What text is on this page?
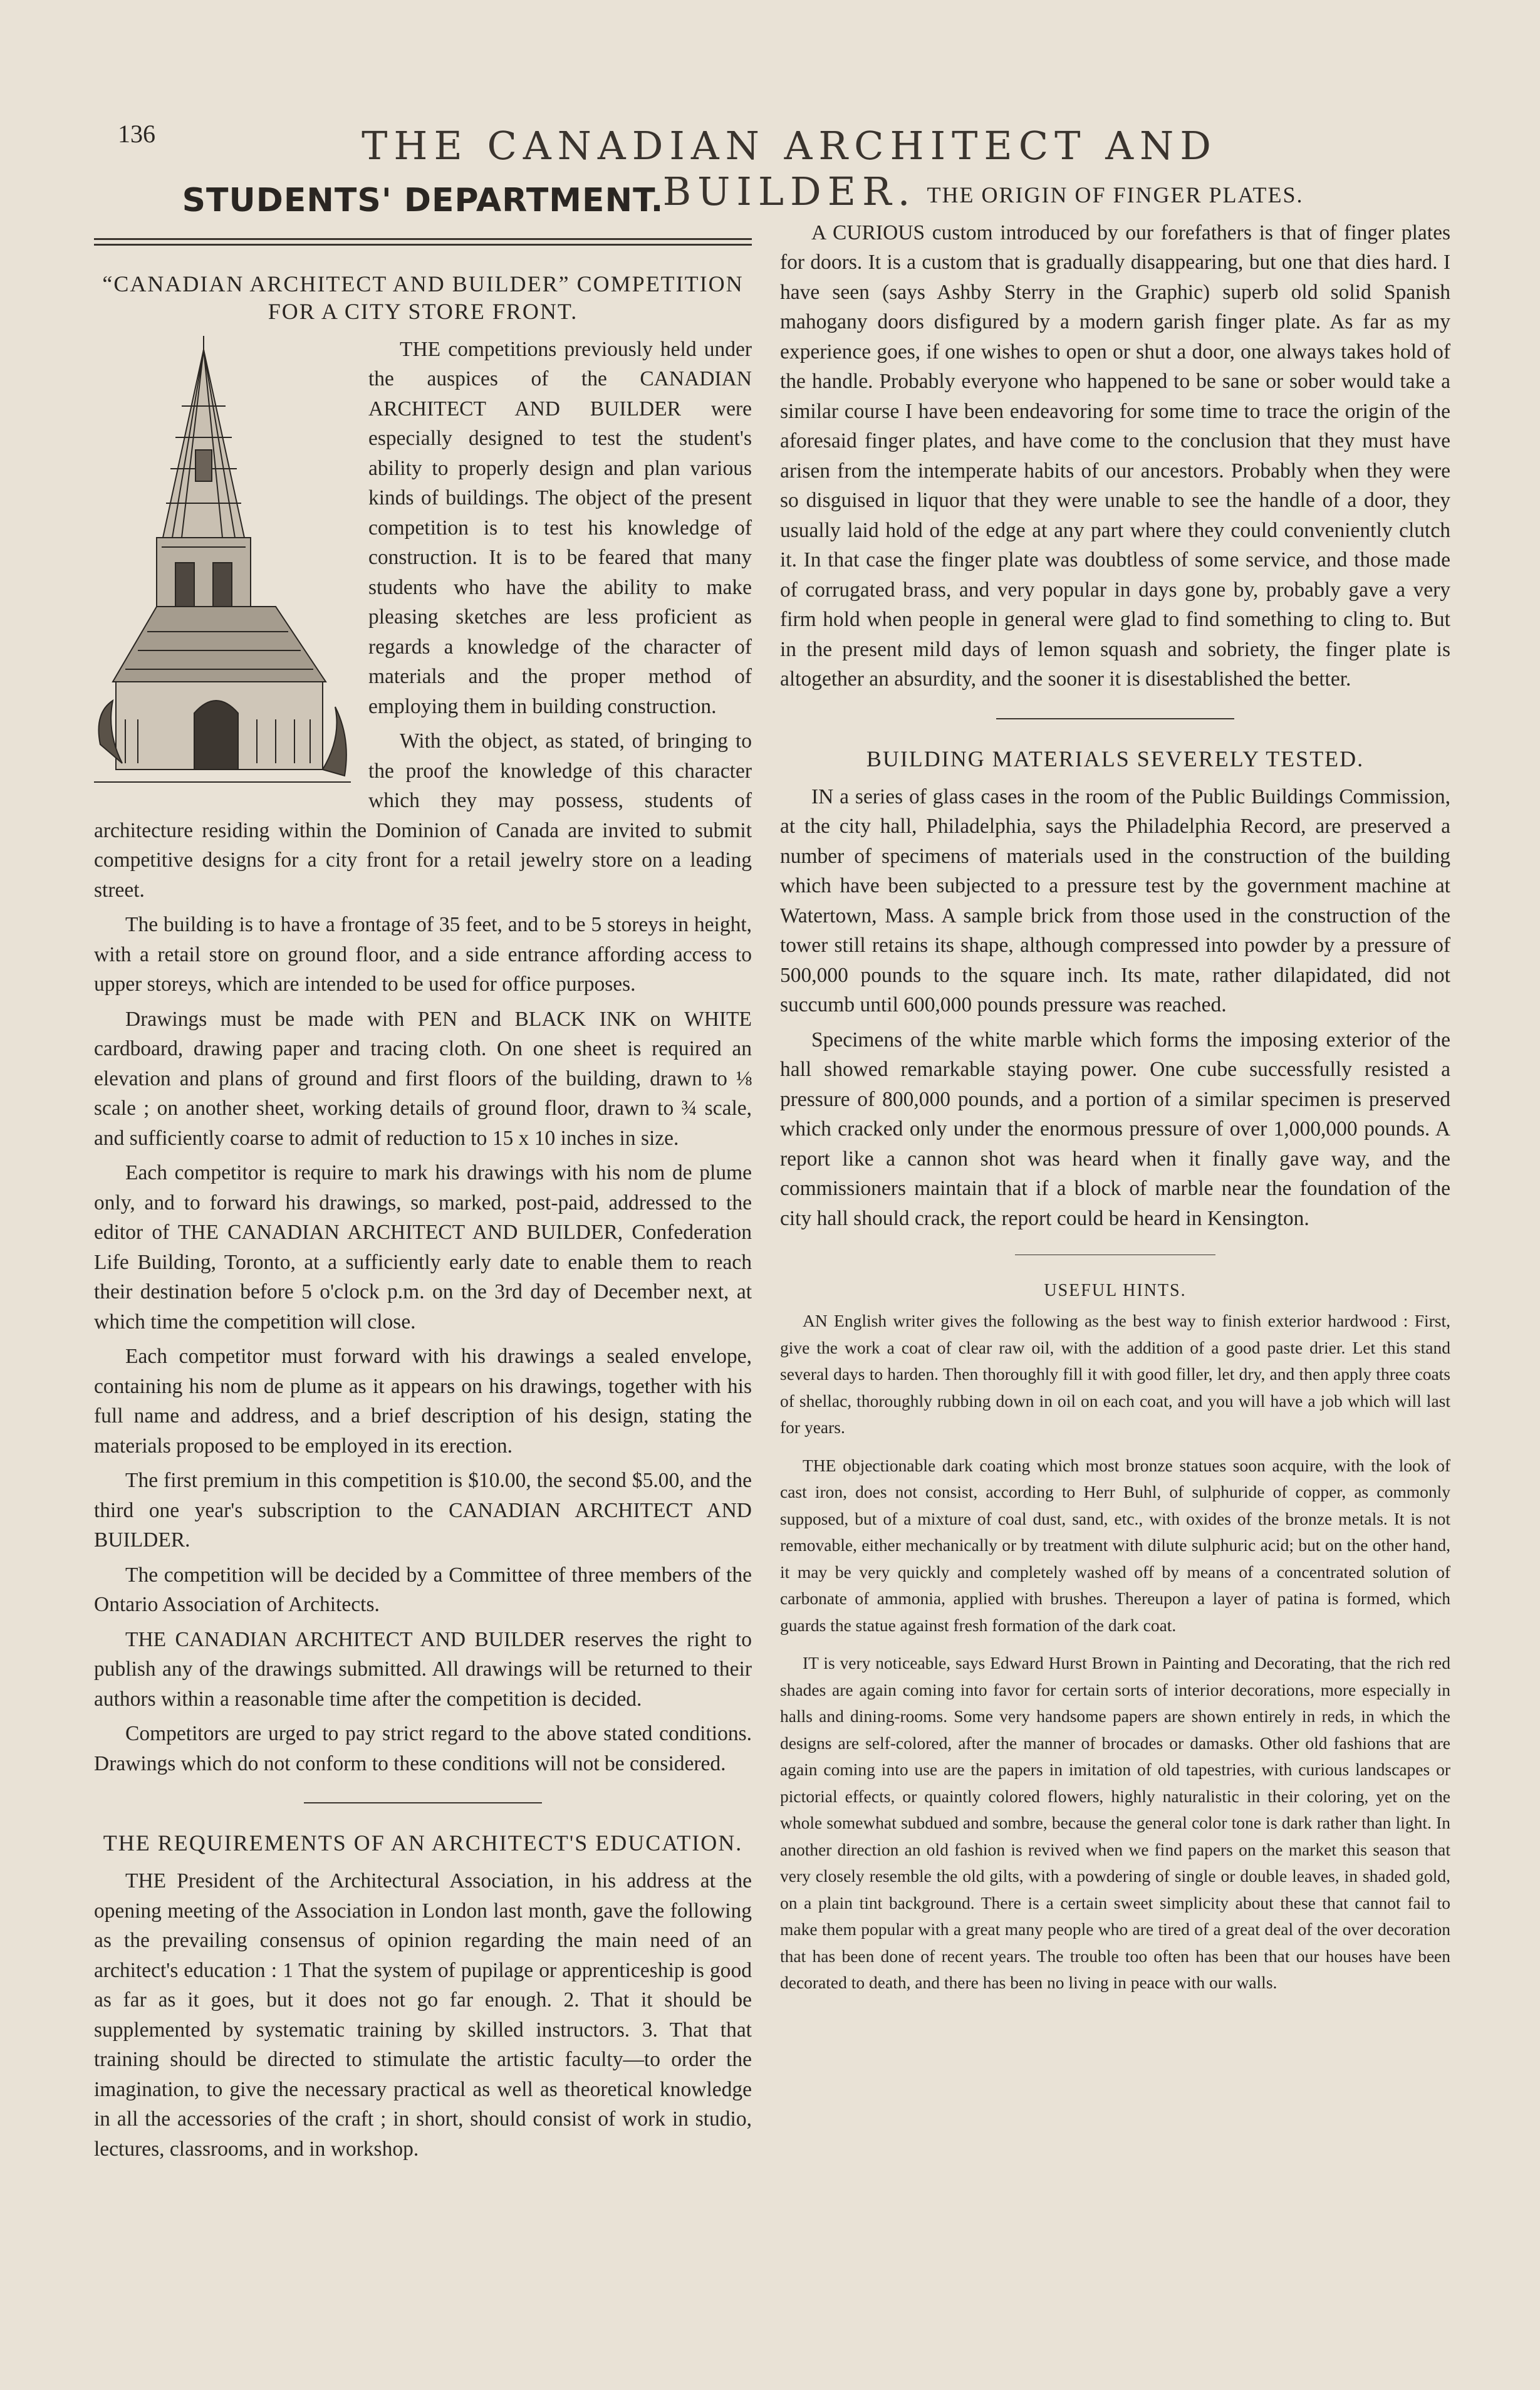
136	THE CANADIAN ARCHITECT AND BUILDER.
STUDENTS' DEPARTMENT.
“CANADIAN ARCHITECT AND BUILDER” COMPETITION FOR A CITY STORE FRONT.

THE competitions previously held under the auspices of the CANADIAN ARCHITECT AND BUILDER were especially designed to test the student's ability to properly design and plan various kinds of buildings. The object of the present competition is to test his knowledge of construction. It is to be feared that many students who have the ability to make pleasing sketches are less proficient as regards a knowledge of the character of materials and the proper method of employing them in building construction.

With the object, as stated, of bringing to the proof the knowledge of this character which they may possess, students of architecture residing within the Dominion of Canada are invited to submit competitive designs for a city front for a retail jewelry store on a leading street.

The building is to have a frontage of 35 feet, and to be 5 storeys in height, with a retail store on ground floor, and a side entrance affording access to upper storeys, which are intended to be used for office purposes.

Drawings must be made with PEN and BLACK INK on WHITE cardboard, drawing paper and tracing cloth. On one sheet is required an elevation and plans of ground and first floors of the building, drawn to ⅛ scale ; on another sheet, working details of ground floor, drawn to ¾ scale, and sufficiently coarse to admit of reduction to 15 x 10 inches in size.

Each competitor is require to mark his drawings with his nom de plume only, and to forward his drawings, so marked, post-paid, addressed to the editor of THE CANADIAN ARCHITECT AND BUILDER, Confederation Life Building, Toronto, at a sufficiently early date to enable them to reach their destination before 5 o'clock p.m. on the 3rd day of December next, at which time the competition will close.

Each competitor must forward with his drawings a sealed envelope, containing his nom de plume as it appears on his drawings, together with his full name and address, and a brief description of his design, stating the materials proposed to be employed in its erection.

The first premium in this competition is $10.00, the second $5.00, and the third one year's subscription to the CANADIAN ARCHITECT AND BUILDER.

The competition will be decided by a Committee of three members of the Ontario Association of Architects.

THE CANADIAN ARCHITECT AND BUILDER reserves the right to publish any of the drawings submitted. All drawings will be returned to their authors within a reasonable time after the competition is decided.

Competitors are urged to pay strict regard to the above stated conditions. Drawings which do not conform to these conditions will not be considered.

THE REQUIREMENTS OF AN ARCHITECT'S EDUCATION.

THE President of the Architectural Association, in his address at the opening meeting of the Association in London last month, gave the following as the prevailing consensus of opinion regarding the main need of an architect's education : 1 That the system of pupilage or apprenticeship is good as far as it goes, but it does not go far enough. 2. That it should be supplemented by systematic training by skilled instructors. 3. That that training should be directed to stimulate the artistic faculty—to order the imagination, to give the necessary practical as well as theoretical knowledge in all the accessories of the craft ; in short, should consist of work in studio, lectures, classrooms, and in workshop.

THE ORIGIN OF FINGER PLATES.

A CURIOUS custom introduced by our forefathers is that of finger plates for doors. It is a custom that is gradually disappearing, but one that dies hard. I have seen (says Ashby Sterry in the Graphic) superb old solid Spanish mahogany doors disfigured by a modern garish finger plate. As far as my experience goes, if one wishes to open or shut a door, one always takes hold of the handle. Probably everyone who happened to be sane or sober would take a similar course I have been endeavoring for some time to trace the origin of the aforesaid finger plates, and have come to the conclusion that they must have arisen from the intemperate habits of our ancestors. Probably when they were so disguised in liquor that they were unable to see the handle of a door, they usually laid hold of the edge at any part where they could conveniently clutch it. In that case the finger plate was doubtless of some service, and those made of corrugated brass, and very popular in days gone by, probably gave a very firm hold when people in general were glad to find something to cling to. But in the present mild days of lemon squash and sobriety, the finger plate is altogether an absurdity, and the sooner it is disestablished the better.

BUILDING MATERIALS SEVERELY TESTED.

IN a series of glass cases in the room of the Public Buildings Commission, at the city hall, Philadelphia, says the Philadelphia Record, are preserved a number of specimens of materials used in the construction of the building which have been subjected to a pressure test by the government machine at Watertown, Mass. A sample brick from those used in the construction of the tower still retains its shape, although compressed into powder by a pressure of 500,000 pounds to the square inch. Its mate, rather dilapidated, did not succumb until 600,000 pounds pressure was reached.

Specimens of the white marble which forms the imposing exterior of the hall showed remarkable staying power. One cube successfully resisted a pressure of 800,000 pounds, and a portion of a similar specimen is preserved which cracked only under the enormous pressure of over 1,000,000 pounds. A report like a cannon shot was heard when it finally gave way, and the commissioners maintain that if a block of marble near the foundation of the city hall should crack, the report could be heard in Kensington.

USEFUL HINTS.

AN English writer gives the following as the best way to finish exterior hardwood : First, give the work a coat of clear raw oil, with the addition of a good paste drier. Let this stand several days to harden. Then thoroughly fill it with good filler, let dry, and then apply three coats of shellac, thoroughly rubbing down in oil on each coat, and you will have a job which will last for years.

THE objectionable dark coating which most bronze statues soon acquire, with the look of cast iron, does not consist, according to Herr Buhl, of sulphuride of copper, as commonly supposed, but of a mixture of coal dust, sand, etc., with oxides of the bronze metals. It is not removable, either mechanically or by treatment with dilute sulphuric acid; but on the other hand, it may be very quickly and completely washed off by means of a concentrated solution of carbonate of ammonia, applied with brushes. Thereupon a layer of patina is formed, which guards the statue against fresh formation of the dark coat.

IT is very noticeable, says Edward Hurst Brown in Painting and Decorating, that the rich red shades are again coming into favor for certain sorts of interior decorations, more especially in halls and dining-rooms. Some very handsome papers are shown entirely in reds, in which the designs are self-colored, after the manner of brocades or damasks. Other old fashions that are again coming into use are the papers in imitation of old tapestries, with curious landscapes or pictorial effects, or quaintly colored flowers, highly naturalistic in their coloring, yet on the whole somewhat subdued and sombre, because the general color tone is dark rather than light. In another direction an old fashion is revived when we find papers on the market this season that very closely resemble the old gilts, with a powdering of single or double leaves, in shaded gold, on a plain tint background. There is a certain sweet simplicity about these that cannot fail to make them popular with a great many people who are tired of a great deal of the over decoration that has been done of recent years. The trouble too often has been that our houses have been decorated to death, and there has been no living in peace with our walls.
